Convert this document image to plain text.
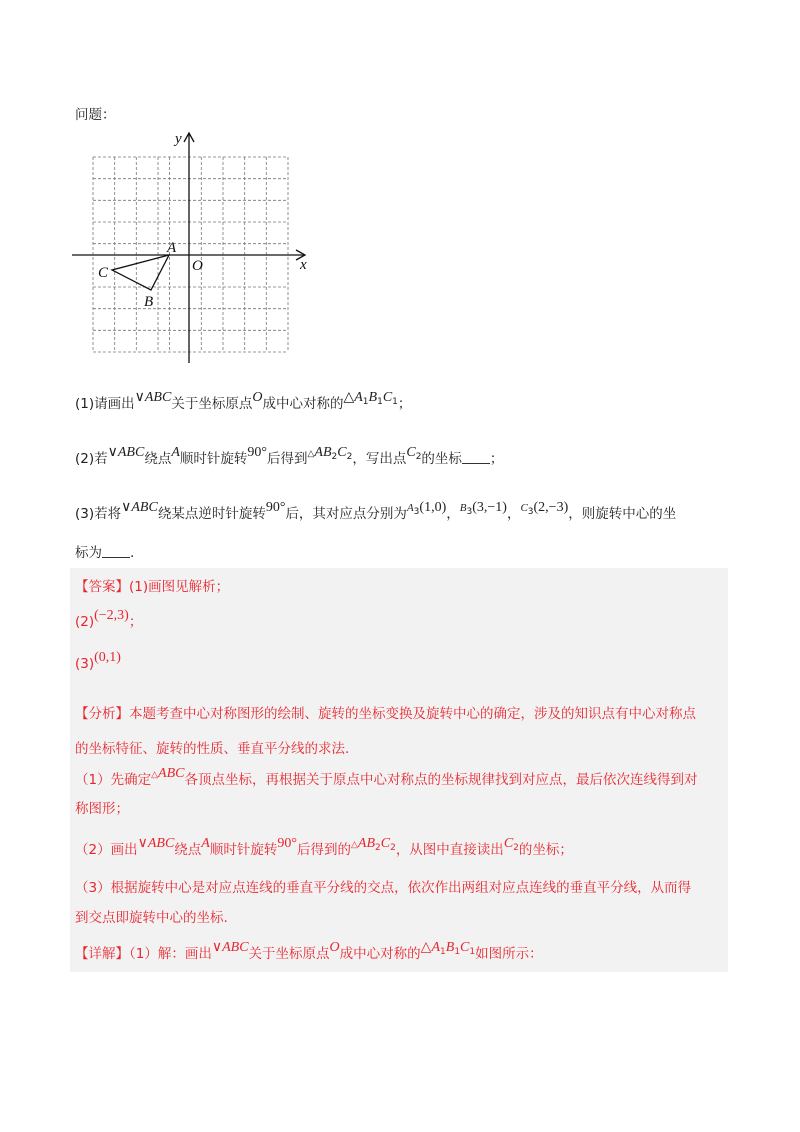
问题：
x
y
O
A
B
C
(1)请画出∨ABC关于坐标原点O成中心对称的$\triangle A^1B^1C^1$；
(2)若∨ABC绕点A顺时针旋转90°后得到$^\triangle AB^2C^2$，写出点$C^2$的坐标 ；
(3)若将∨ABC绕某点逆时针旋转90°后，其对应点分别为$^{A3}$(1,0)，$^{B3}$(3,−1)，$^{C3}$(2,−3)，则旋转中心的坐
标为 .
【答案】(1)画图见解析；
(2)(−2,3)；
(3)(0,1)
【分析】本题考查中心对称图形的绘制、旋转的坐标变换及旋转中心的确定，涉及的知识点有中心对称点
的坐标特征、旋转的性质、垂直平分线的求法.
（1）先确定△ABC各顶点坐标，再根据关于原点中心对称点的坐标规律找到对应点，最后依次连线得到对
称图形；
（2）画出∨ABC绕点A顺时针旋转90°后得到的$^\triangle AB^2C^2$，从图中直接读出$C^2$的坐标；
（3）根据旋转中心是对应点连线的垂直平分线的交点，依次作出两组对应点连线的垂直平分线，从而得
到交点即旋转中心的坐标.
【详解】（1）解：画出∨ABC关于坐标原点O成中心对称的$\triangle A^1B^1C^1$如图所示：
